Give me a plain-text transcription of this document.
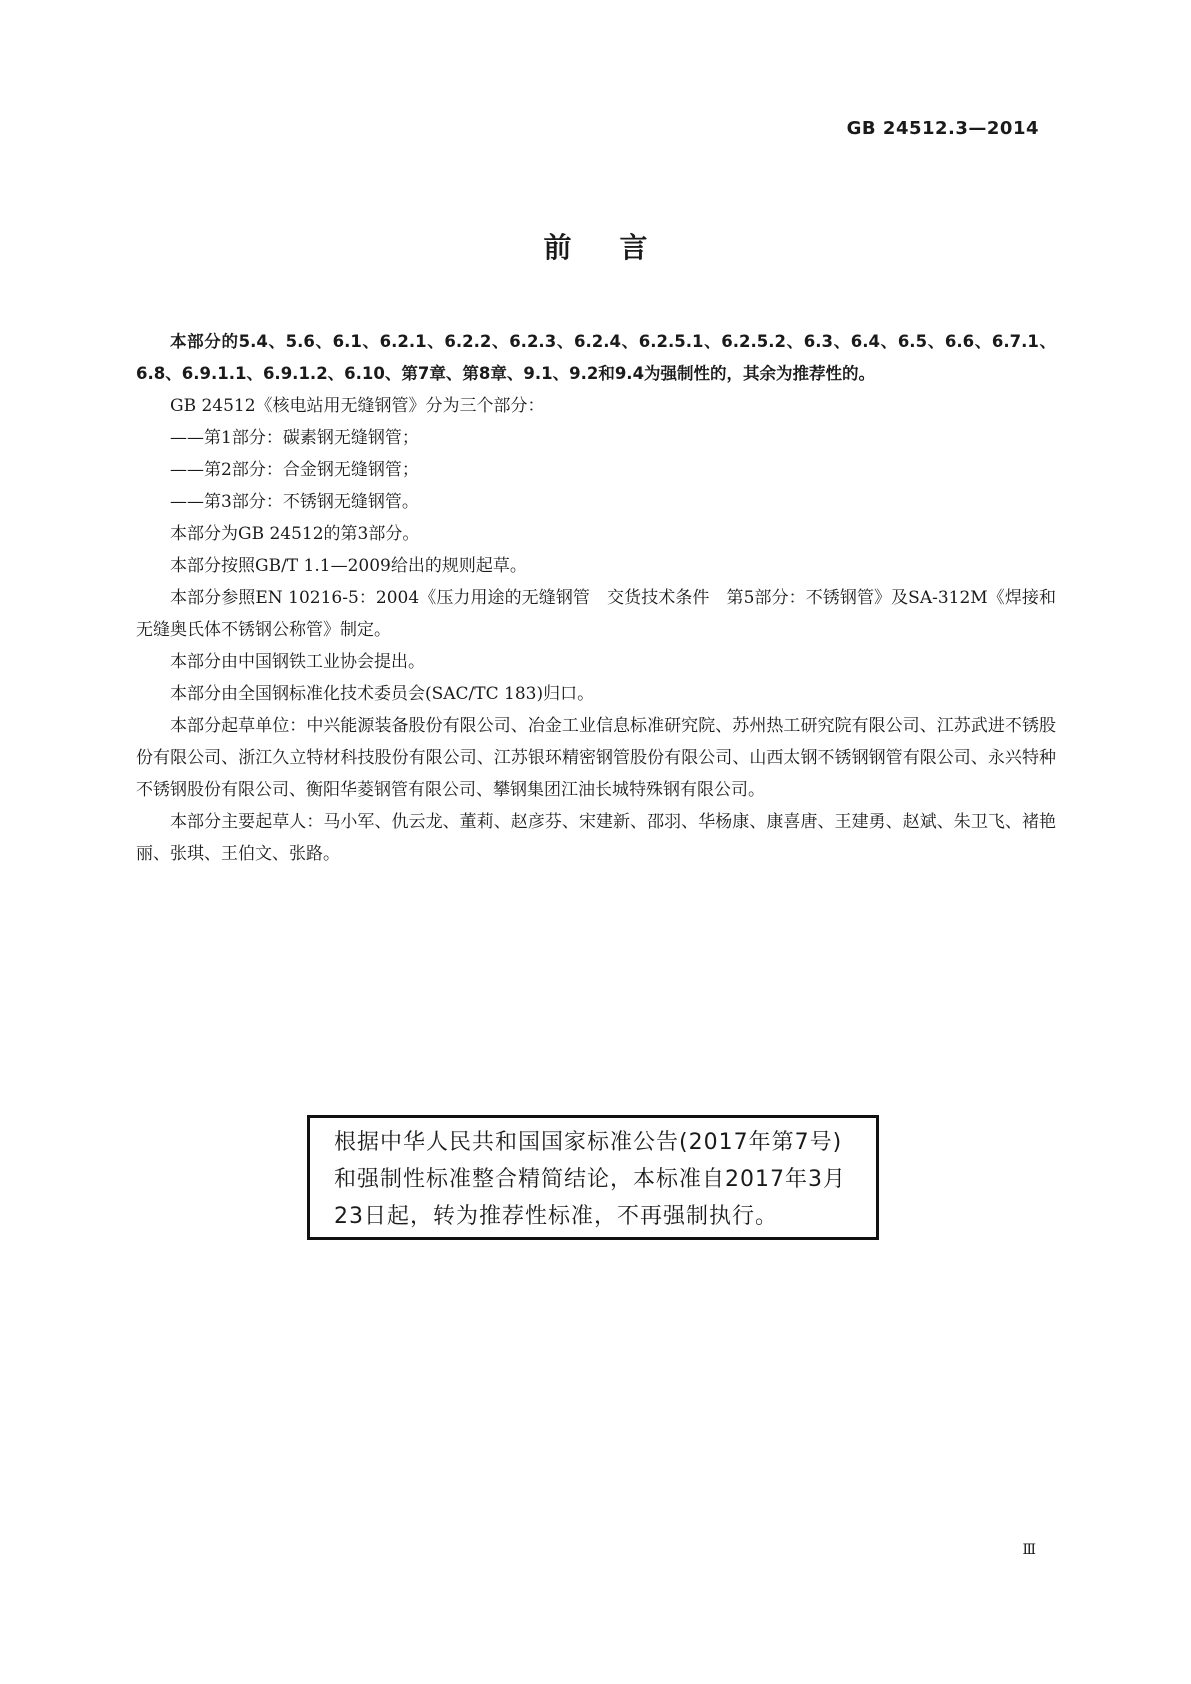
GB 24512.3—2014
前言

本部分的5.4、5.6、6.1、6.2.1、6.2.2、6.2.3、6.2.4、6.2.5.1、6.2.5.2、6.3、6.4、6.5、6.6、6.7.1、6.8、6.9.1.1、6.9.1.2、6.10、第7章、第8章、9.1、9.2和9.4为强制性的，其余为推荐性的。

GB 24512《核电站用无缝钢管》分为三个部分：

——第1部分：碳素钢无缝钢管；

——第2部分：合金钢无缝钢管；

——第3部分：不锈钢无缝钢管。

本部分为GB 24512的第3部分。

本部分按照GB/T 1.1—2009给出的规则起草。

本部分参照EN 10216-5：2004《压力用途的无缝钢管　交货技术条件　第5部分：不锈钢管》及SA-312M《焊接和无缝奥氏体不锈钢公称管》制定。

本部分由中国钢铁工业协会提出。

本部分由全国钢标准化技术委员会(SAC/TC 183)归口。

本部分起草单位：中兴能源装备股份有限公司、冶金工业信息标准研究院、苏州热工研究院有限公司、江苏武进不锈股份有限公司、浙江久立特材科技股份有限公司、江苏银环精密钢管股份有限公司、山西太钢不锈钢钢管有限公司、永兴特种不锈钢股份有限公司、衡阳华菱钢管有限公司、攀钢集团江油长城特殊钢有限公司。

本部分主要起草人：马小军、仇云龙、董莉、赵彦芬、宋建新、邵羽、华杨康、康喜唐、王建勇、赵斌、朱卫飞、褚艳丽、张琪、王伯文、张路。

根据中华人民共和国国家标准公告(2017年第7号)和强制性标准整合精简结论，本标准自2017年3月23日起，转为推荐性标准，不再强制执行。
Ⅲ
